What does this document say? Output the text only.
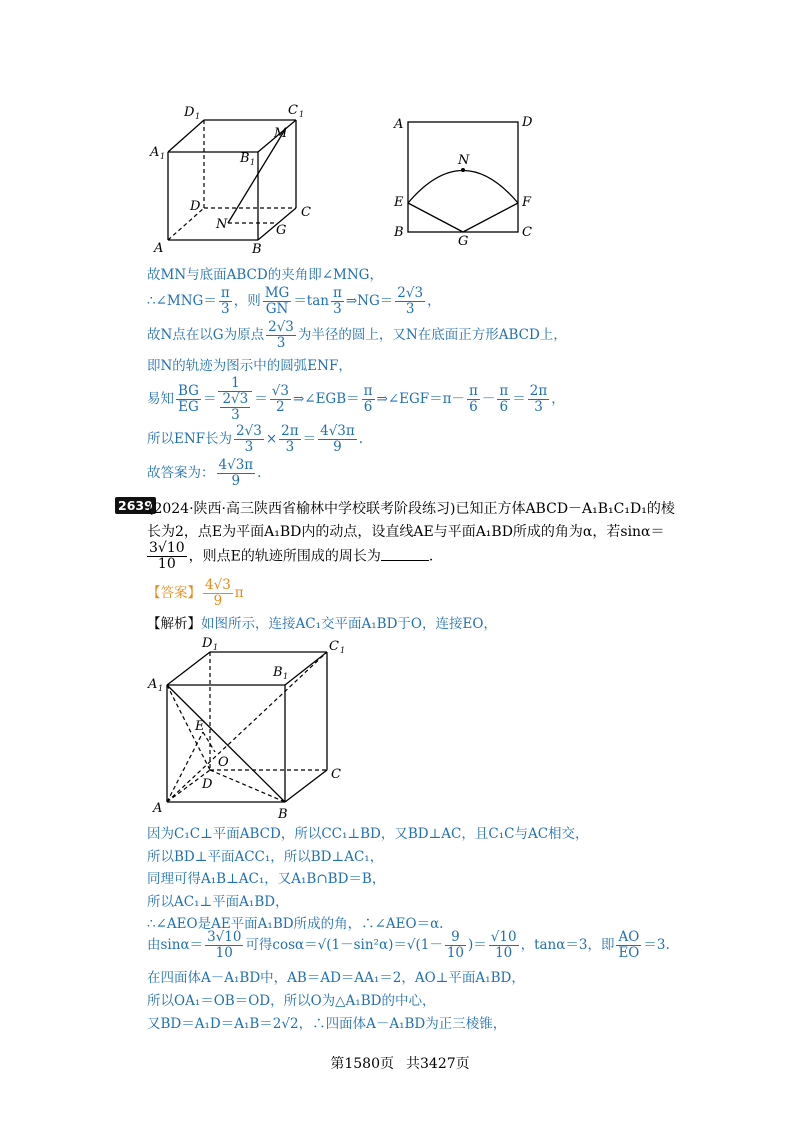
D 1	C 1
A 1	B 1
M
D	C
N	G
A	B
A	D
N
E	F
B
G
C
故MN与底面ABCD的夹角即∠MNG，
∴∠MNG＝ $\frac{\pi}{3}$ ，则 $\frac{MG}{GN} =\tan \frac{\pi}{3}$ ⇒NG＝ $\frac{2√3}{3}$ ，
故N点在以G为原点 $\frac{2√3}{3}$ 为半径的圆上，又N在底面正方形ABCD上，
即N的轨迹为图示中的圆弧ENF，
易知 $\frac{BG}{EG} = \frac{1}{\frac{2√3}{3}} = \frac{√3}{2}$ ⇒∠EGB＝ $\frac{\pi}{6}$ ⇒∠EGF＝π－ $\frac{\pi}{6} - \frac{\pi}{6} = \frac{2\pi}{3}$ ，
所以ENF长为 $\frac{2√3}{3} \times \frac{2\pi}{3} = \frac{4√3\pi}{9}$ .
故答案为： $\frac{4√3\pi}{9}$ .
2639
(2024·陕西·高三陕西省榆林中学校联考阶段练习)已知正方体ABCD－A₁B₁C₁D₁的棱
长为2，点E为平面A₁BD内的动点，设直线AE与平面A₁BD所成的角为α，若sinα＝
$\frac{3√10}{10}$ ，则点E的轨迹所围成的周长为	.
【答案】 $\frac{4√3}{9}$ π
【解析】如图所示，连接AC₁交平面A₁BD于O，连接EO，
D 1	C 1
A 1
B 1
E
O
D
C
A	B
因为C₁C⊥平面ABCD，所以CC₁⊥BD，又BD⊥AC，且C₁C与AC相交，
所以BD⊥平面ACC₁，所以BD⊥AC₁，
同理可得A₁B⊥AC₁，又A₁B∩BD＝B，
所以AC₁⊥平面A₁BD，
∴∠AEO是AE平面A₁BD所成的角，∴∠AEO＝α.
由$\sin\alpha= \frac{3√10}{10}$ 可得$\cos\alpha=√(1-\sin^2\alpha)=√(1- \frac{9}{10}$ )＝ $\frac{√10}{10}$ ，tanα＝3，即 $\frac{AO}{EO} =3$.
在四面体A－A₁BD中，AB＝AD＝AA₁＝2，AO⊥平面A₁BD，
所以OA₁＝OB＝OD，所以O为△A₁BD的中心，
又BD＝A₁D＝A₁B＝2√2，∴四面体A－A₁BD为正三棱锥，
第1580页 共3427页
